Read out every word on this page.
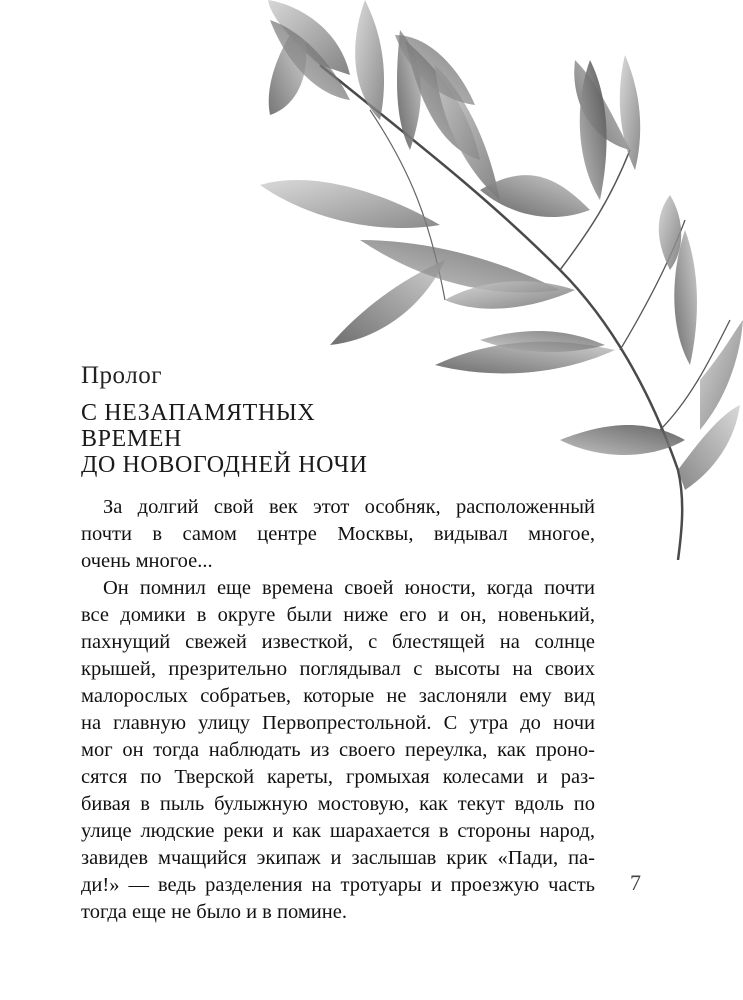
Пролог
С НЕЗАПАМЯТНЫХ
ВРЕМЕН
ДО НОВОГОДНЕЙ НОЧИ
За долгий свой век этот особняк, расположенный
почти в самом центре Москвы, видывал многое,
очень многое...
Он помнил еще времена своей юности, когда почти
все домики в округе были ниже его и он, новенький,
пахнущий свежей известкой, с блестящей на солнце
крышей, презрительно поглядывал с высоты на своих
малорослых собратьев, которые не заслоняли ему вид
на главную улицу Первопрестольной. С утра до ночи
мог он тогда наблюдать из своего переулка, как проно-
сятся по Тверской кареты, громыхая колесами и раз-
бивая в пыль булыжную мостовую, как текут вдоль по
улице людские реки и как шарахается в стороны народ,
завидев мчащийся экипаж и заслышав крик «Пади, па-
ди!» — ведь разделения на тротуары и проезжую часть
тогда еще не было и в помине.
7
